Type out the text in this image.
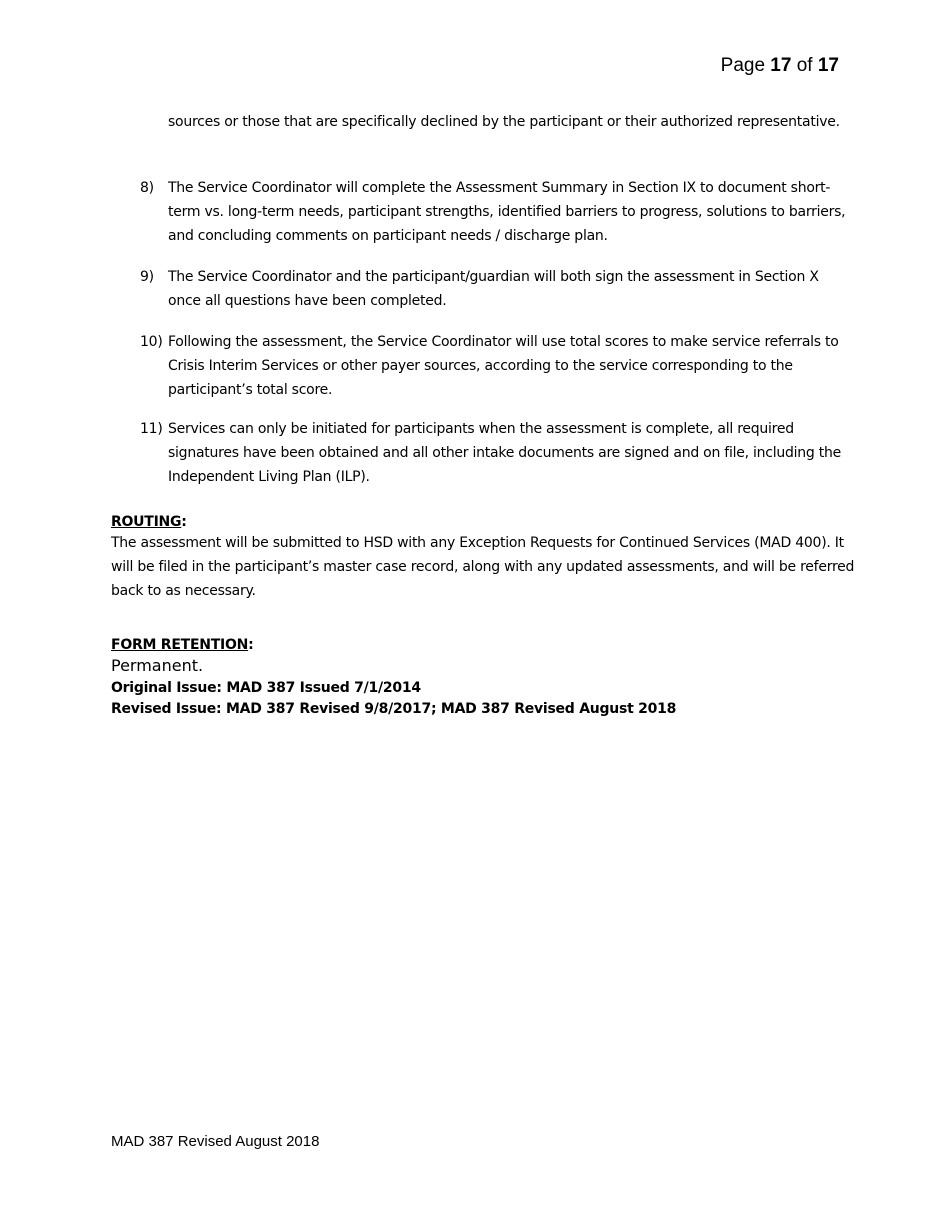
Page 17 of 17
sources or those that are specifically declined by the participant or their authorized representative.
8)	The Service Coordinator will complete the Assessment Summary in Section IX to document short-term vs. long-term needs, participant strengths, identified barriers to progress, solutions to barriers, and concluding comments on participant needs / discharge plan.
9)	The Service Coordinator and the participant/guardian will both sign the assessment in Section X once all questions have been completed.
10) Following the assessment, the Service Coordinator will use total scores to make service referrals to Crisis Interim Services or other payer sources, according to the service corresponding to the participant’s total score.
11) Services can only be initiated for participants when the assessment is complete, all required signatures have been obtained and all other intake documents are signed and on file, including the Independent Living Plan (ILP).
ROUTING:
The assessment will be submitted to HSD with any Exception Requests for Continued Services (MAD 400). It will be filed in the participant’s master case record, along with any updated assessments, and will be referred back to as necessary.
FORM RETENTION:
Permanent.
Original Issue: MAD 387 Issued 7/1/2014
Revised Issue: MAD 387 Revised 9/8/2017; MAD 387 Revised August 2018
MAD 387 Revised August 2018
